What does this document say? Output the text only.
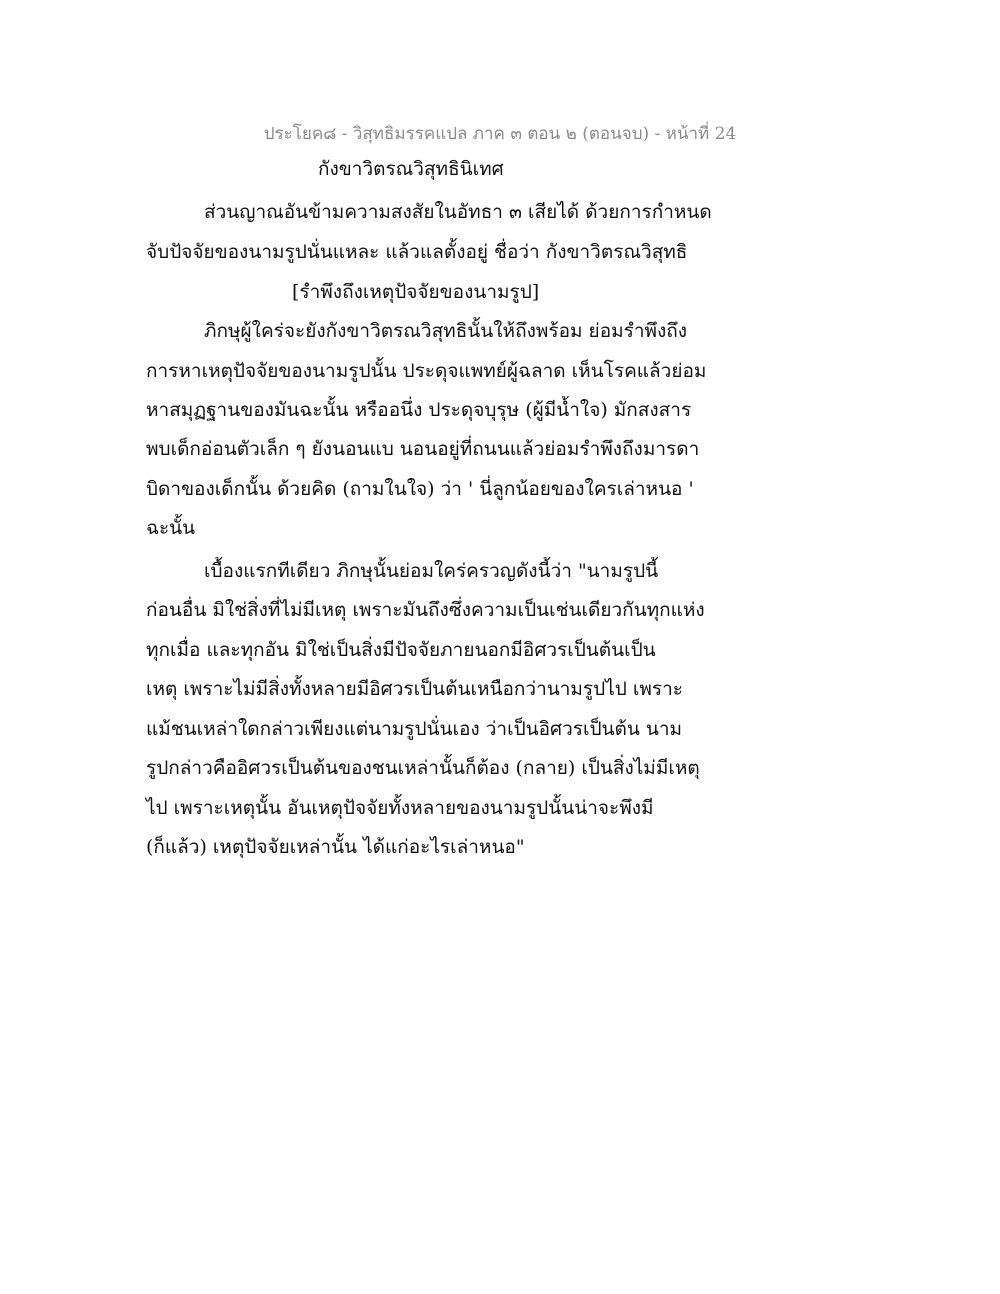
ประโยค๘ - วิสุทธิมรรคแปล ภาค ๓ ตอน ๒ (ตอนจบ) - หน้าที่ 24
กังขาวิตรณวิสุทธินิเทศ
ส่วนญาณอันข้ามความสงสัยในอัทธา ๓ เสียได้ ด้วยการกำหนด
จับปัจจัยของนามรูปนั่นแหละ แล้วแลตั้งอยู่ ชื่อว่า กังขาวิตรณวิสุทธิ
[รำพึงถึงเหตุปัจจัยของนามรูป]
ภิกษุผู้ใคร่จะยังกังขาวิตรณวิสุทธินั้นให้ถึงพร้อม ย่อมรำพึงถึง
การหาเหตุปัจจัยของนามรูปนั้น ประดุจแพทย์ผู้ฉลาด เห็นโรคแล้วย่อม
หาสมุฏฐานของมันฉะนั้น หรืออนึ่ง ประดุจบุรุษ (ผู้มีน้ำใจ) มักสงสาร
พบเด็กอ่อนตัวเล็ก ๆ ยังนอนแบ นอนอยู่ที่ถนนแล้วย่อมรำพึงถึงมารดา
บิดาของเด็กนั้น ด้วยคิด (ถามในใจ) ว่า ' นี่ลูกน้อยของใครเล่าหนอ '
ฉะนั้น
เบื้องแรกทีเดียว ภิกษุนั้นย่อมใคร่ครวญดังนี้ว่า "นามรูปนี้
ก่อนอื่น มิใช่สิ่งที่ไม่มีเหตุ เพราะมันถึงซึ่งความเป็นเช่นเดียวกันทุกแห่ง
ทุกเมื่อ และทุกอัน มิใช่เป็นสิ่งมีปัจจัยภายนอกมีอิศวรเป็นต้นเป็น
เหตุ เพราะไม่มีสิ่งทั้งหลายมีอิศวรเป็นต้นเหนือกว่านามรูปไป เพราะ
แม้ชนเหล่าใดกล่าวเพียงแต่นามรูปนั่นเอง ว่าเป็นอิศวรเป็นต้น นาม
รูปกล่าวคืออิศวรเป็นต้นของชนเหล่านั้นก็ต้อง (กลาย) เป็นสิ่งไม่มีเหตุ
ไป เพราะเหตุนั้น อันเหตุปัจจัยทั้งหลายของนามรูปนั้นน่าจะพึงมี
(ก็แล้ว) เหตุปัจจัยเหล่านั้น ได้แก่อะไรเล่าหนอ"
